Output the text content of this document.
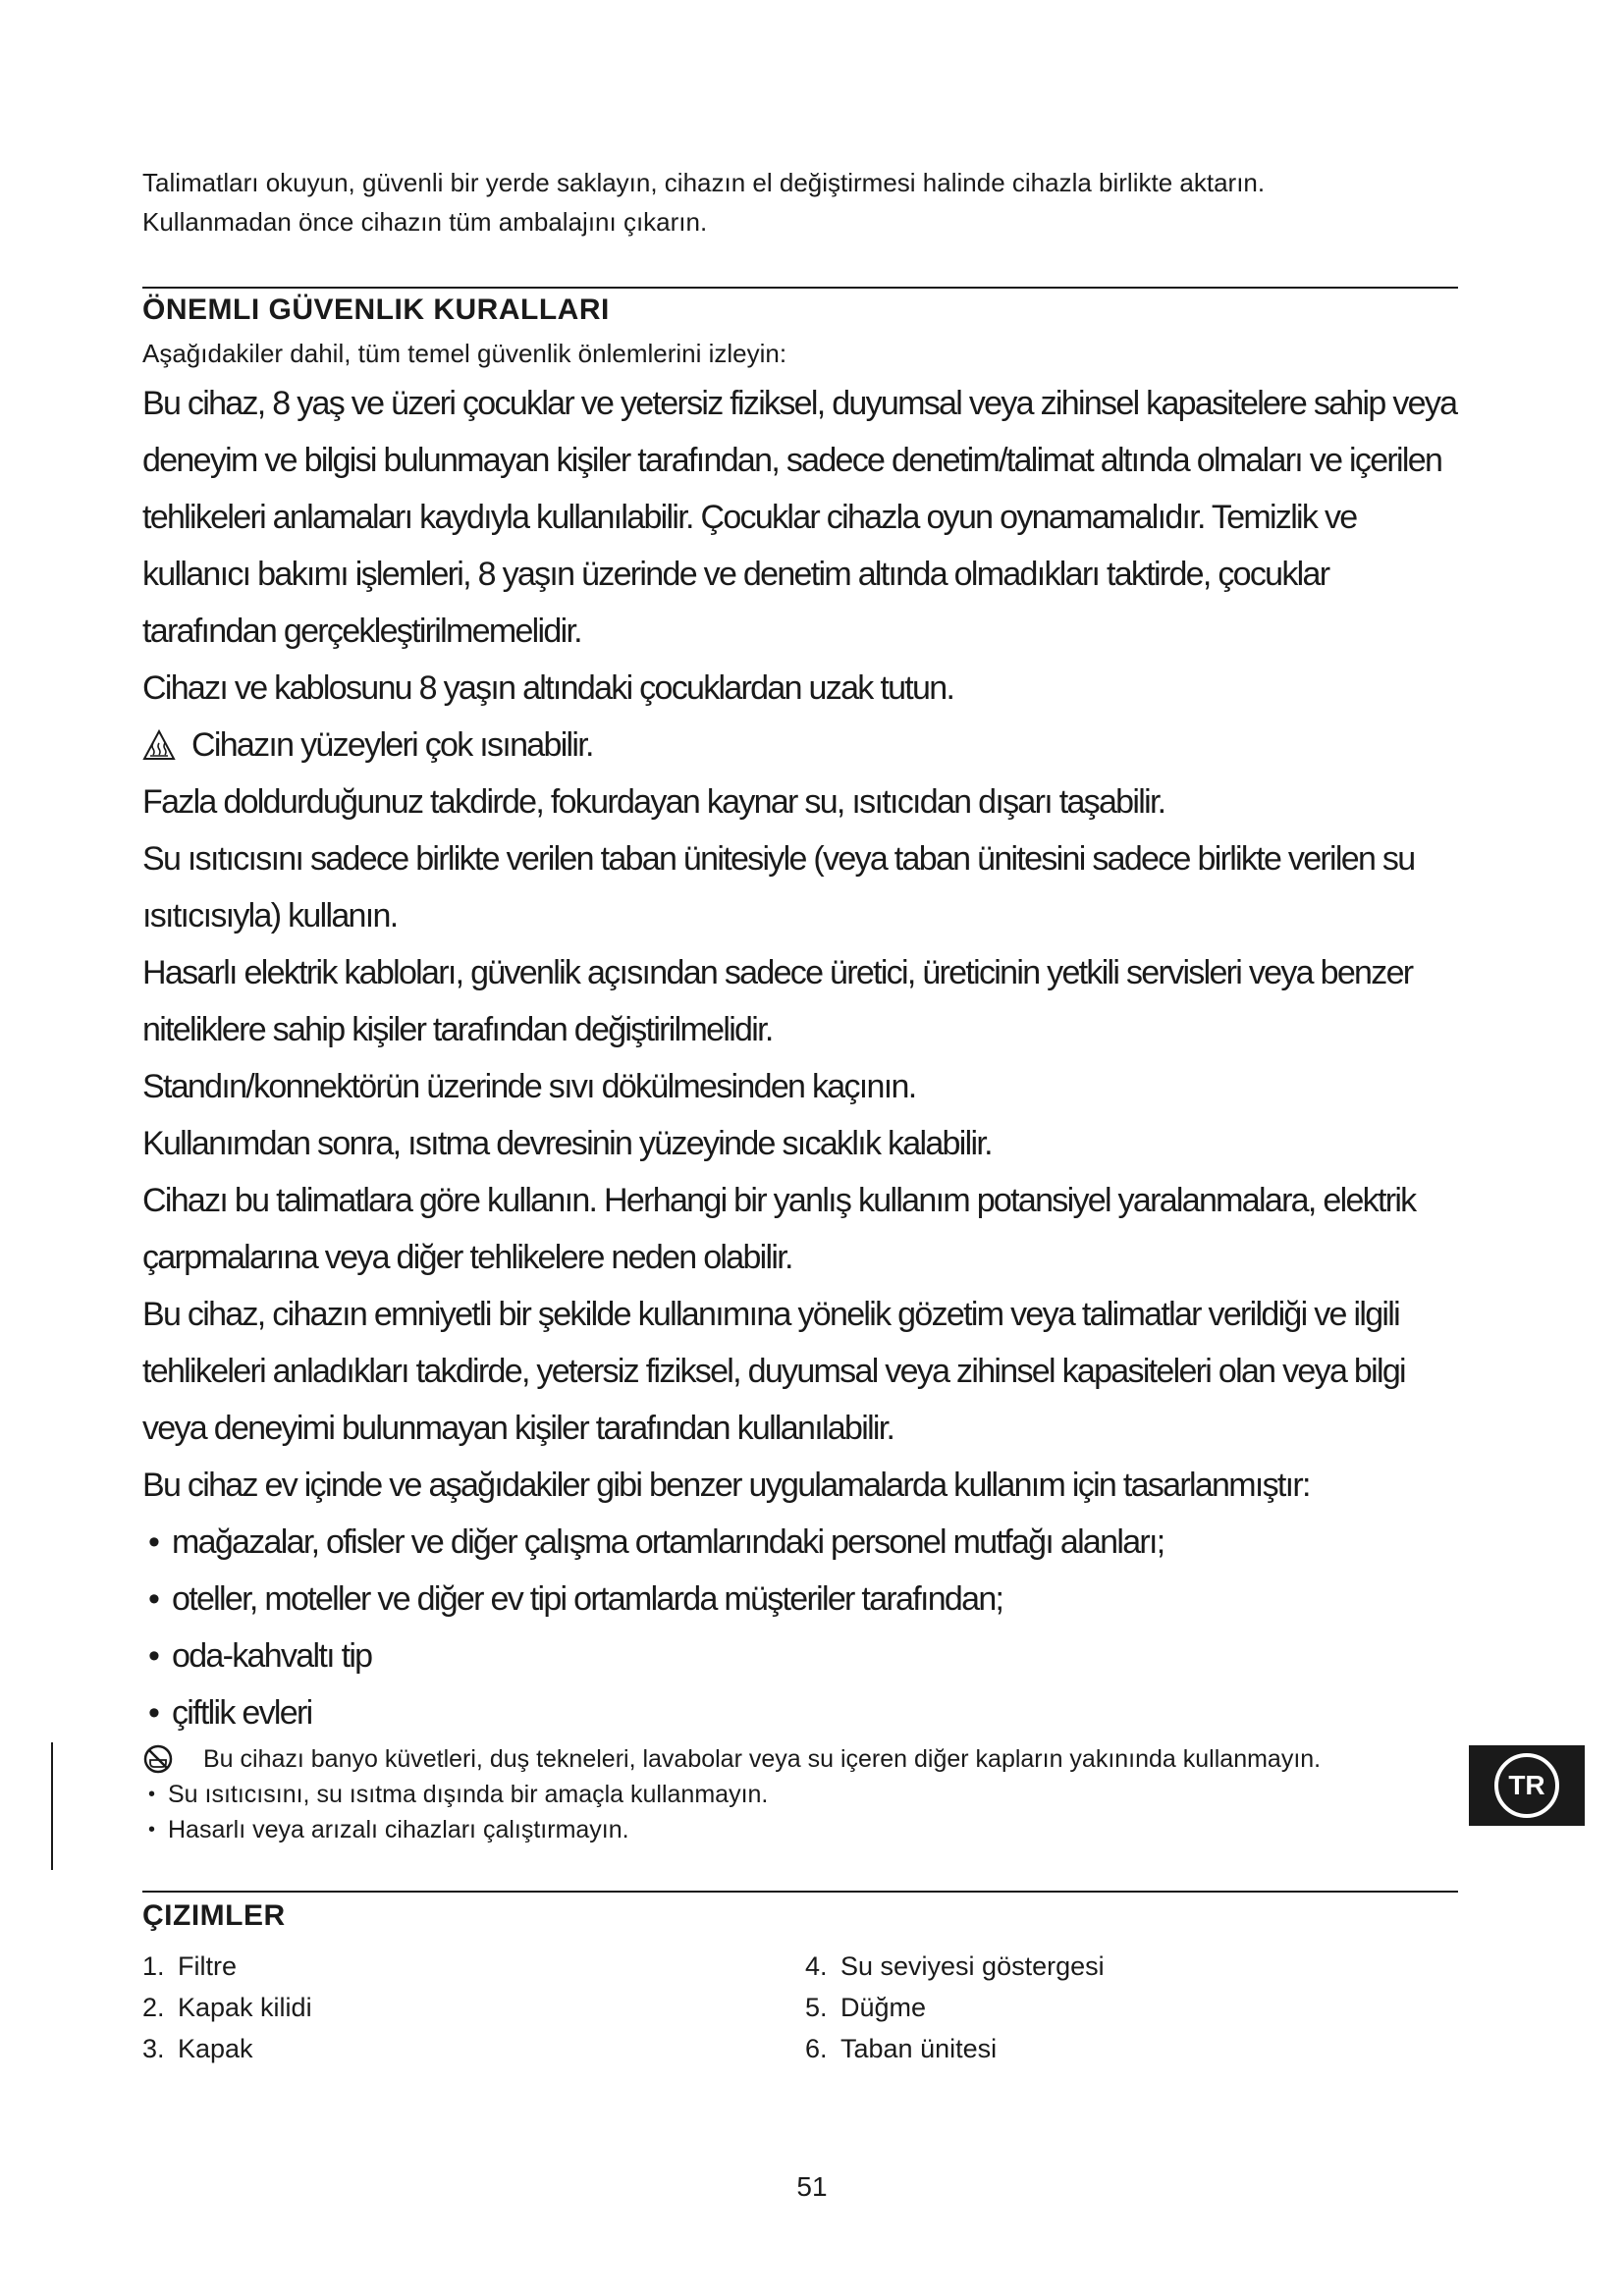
Talimatları okuyun, güvenli bir yerde saklayın, cihazın el değiştirmesi halinde cihazla birlikte aktarın.

Kullanmadan önce cihazın tüm ambalajını çıkarın.

ÖNEMLI GÜVENLIK KURALLARI

Aşağıdakiler dahil, tüm temel güvenlik önlemlerini izleyin:

Bu cihaz, 8 yaş ve üzeri çocuklar ve yetersiz fiziksel, duyumsal veya zihinsel kapasitelere sahip veya deneyim ve bilgisi bulunmayan kişiler tarafından, sadece denetim/talimat altında olmaları ve içerilen tehlikeleri anlamaları kaydıyla kullanılabilir. Çocuklar cihazla oyun oynamamalıdır. Temizlik ve kullanıcı bakımı işlemleri, 8 yaşın üzerinde ve denetim altında olmadıkları taktirde, çocuklar tarafından gerçekleştirilmemelidir.

Cihazı ve kablosunu 8 yaşın altındaki çocuklardan uzak tutun.

Cihazın yüzeyleri çok ısınabilir.

Fazla doldurduğunuz takdirde, fokurdayan kaynar su, ısıtıcıdan dışarı taşabilir.

Su ısıtıcısını sadece birlikte verilen taban ünitesiyle (veya taban ünitesini sadece birlikte verilen su ısıtıcısıyla) kullanın.

Hasarlı elektrik kabloları, güvenlik açısından sadece üretici, üreticinin yetkili servisleri veya benzer niteliklere sahip kişiler tarafından değiştirilmelidir.

Standın/konnektörün üzerinde sıvı dökülmesinden kaçının.

Kullanımdan sonra, ısıtma devresinin yüzeyinde sıcaklık kalabilir.

Cihazı bu talimatlara göre kullanın. Herhangi bir yanlış kullanım potansiyel yaralanmalara, elektrik çarpmalarına veya diğer tehlikelere neden olabilir.

Bu cihaz, cihazın emniyetli bir şekilde kullanımına yönelik gözetim veya talimatlar verildiği ve ilgili tehlikeleri anladıkları takdirde, yetersiz fiziksel, duyumsal veya zihinsel kapasiteleri olan veya bilgi veya deneyimi bulunmayan kişiler tarafından kullanılabilir.

Bu cihaz ev içinde ve aşağıdakiler gibi benzer uygulamalarda kullanım için tasarlanmıştır:

• mağazalar, ofisler ve diğer çalışma ortamlarındaki personel mutfağı alanları;

• oteller, moteller ve diğer ev tipi ortamlarda müşteriler tarafından;

• oda-kahvaltı tip

• çiftlik evleri

Bu cihazı banyo küvetleri, duş tekneleri, lavabolar veya su içeren diğer kapların yakınında kullanmayın.

• Su ısıtıcısını, su ısıtma dışında bir amaçla kullanmayın.

• Hasarlı veya arızalı cihazları çalıştırmayın.

ÇIZIMLER
1. Filtre	4. Su seviyesi göstergesi
2. Kapak kilidi	5. Düğme
3. Kapak	6. Taban ünitesi
TR
51
